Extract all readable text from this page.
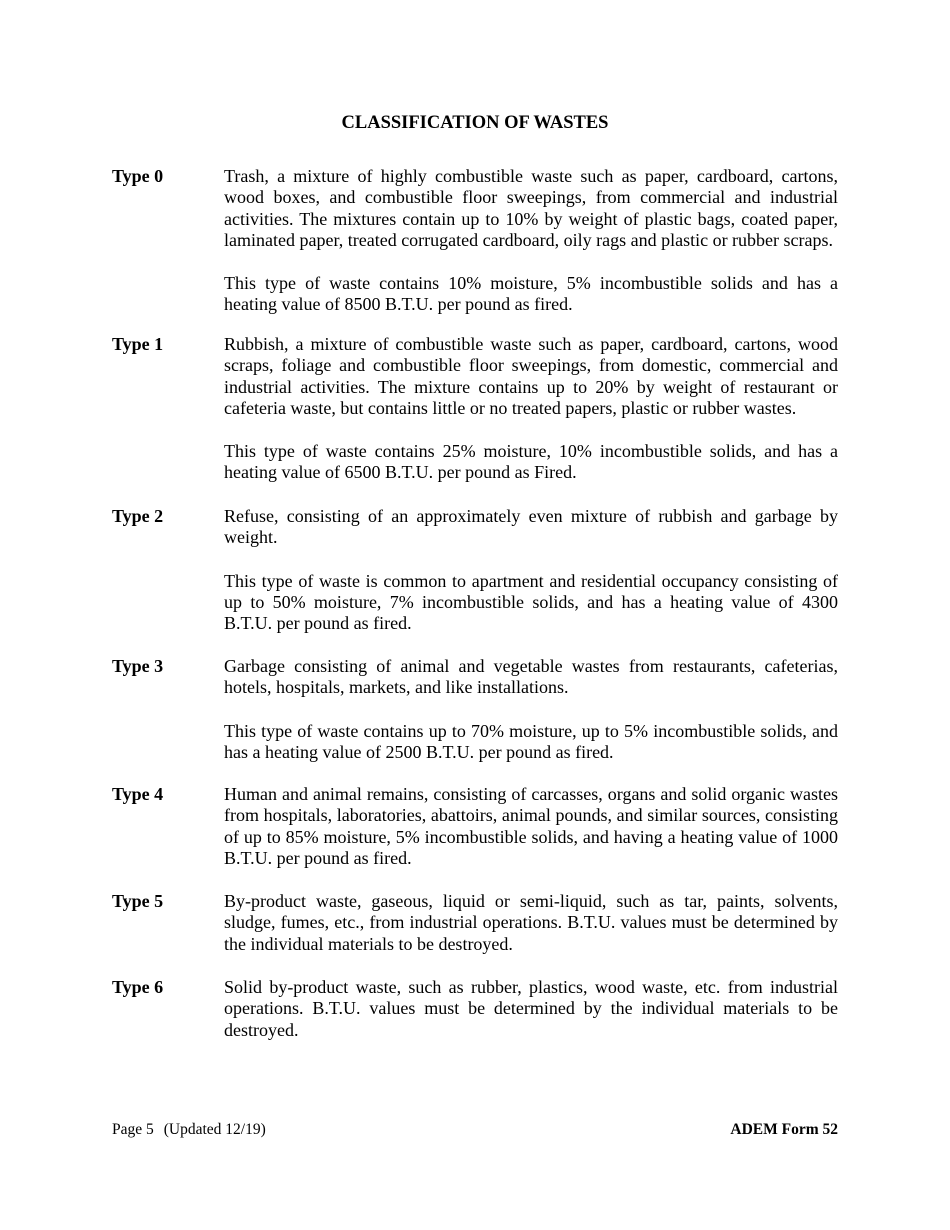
CLASSIFICATION OF WASTES
Type 0	Trash, a mixture of highly combustible waste such as paper, cardboard, cartons, wood boxes, and combustible floor sweepings, from commercial and industrial activities. The mixtures contain up to 10% by weight of plastic bags, coated paper, laminated paper, treated corrugated cardboard, oily rags and plastic or rubber scraps.

This type of waste contains 10% moisture, 5% incombustible solids and has a heating value of 8500 B.T.U. per pound as fired.

Type 1	Rubbish, a mixture of combustible waste such as paper, cardboard, cartons, wood scraps, foliage and combustible floor sweepings, from domestic, commercial and industrial activities. The mixture contains up to 20% by weight of restaurant or cafeteria waste, but contains little or no treated papers, plastic or rubber wastes.

This type of waste contains 25% moisture, 10% incombustible solids, and has a heating value of 6500 B.T.U. per pound as Fired.

Type 2	Refuse, consisting of an approximately even mixture of rubbish and garbage by weight.

This type of waste is common to apartment and residential occupancy consisting of up to 50% moisture, 7% incombustible solids, and has a heating value of 4300 B.T.U. per pound as fired.

Type 3	Garbage consisting of animal and vegetable wastes from restaurants, cafeterias, hotels, hospitals, markets, and like installations.

This type of waste contains up to 70% moisture, up to 5% incombustible solids, and has a heating value of 2500 B.T.U. per pound as fired.

Type 4	Human and animal remains, consisting of carcasses, organs and solid organic wastes from hospitals, laboratories, abattoirs, animal pounds, and similar sources, consisting of up to 85% moisture, 5% incombustible solids, and having a heating value of 1000 B.T.U. per pound as fired.

Type 5	By-product waste, gaseous, liquid or semi-liquid, such as tar, paints, solvents, sludge, fumes, etc., from industrial operations. B.T.U. values must be determined by the individual materials to be destroyed.

Type 6	Solid by-product waste, such as rubber, plastics, wood waste, etc. from industrial operations. B.T.U. values must be determined by the individual materials to be destroyed.

Page 5 (Updated 12/19)	ADEM Form 52
